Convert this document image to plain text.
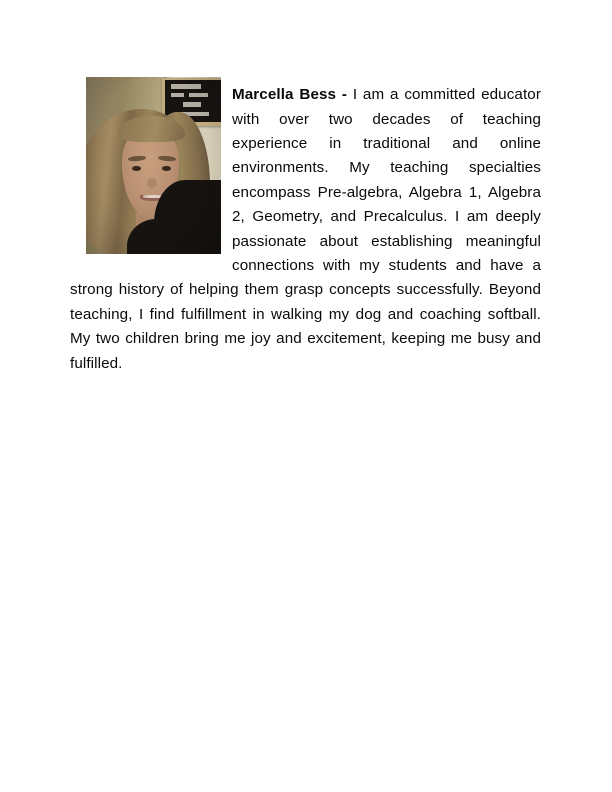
Marcella Bess - I am a committed educator with over two decades of teaching experience in traditional and online environments. My teaching specialties encompass Pre-algebra, Algebra 1, Algebra 2, Geometry, and Precalculus. I am deeply passionate about establishing meaningful connections with my students and have a strong history of helping them grasp concepts successfully. Beyond teaching, I find fulfillment in walking my dog and coaching softball. My two children bring me joy and excitement, keeping me busy and fulfilled.
